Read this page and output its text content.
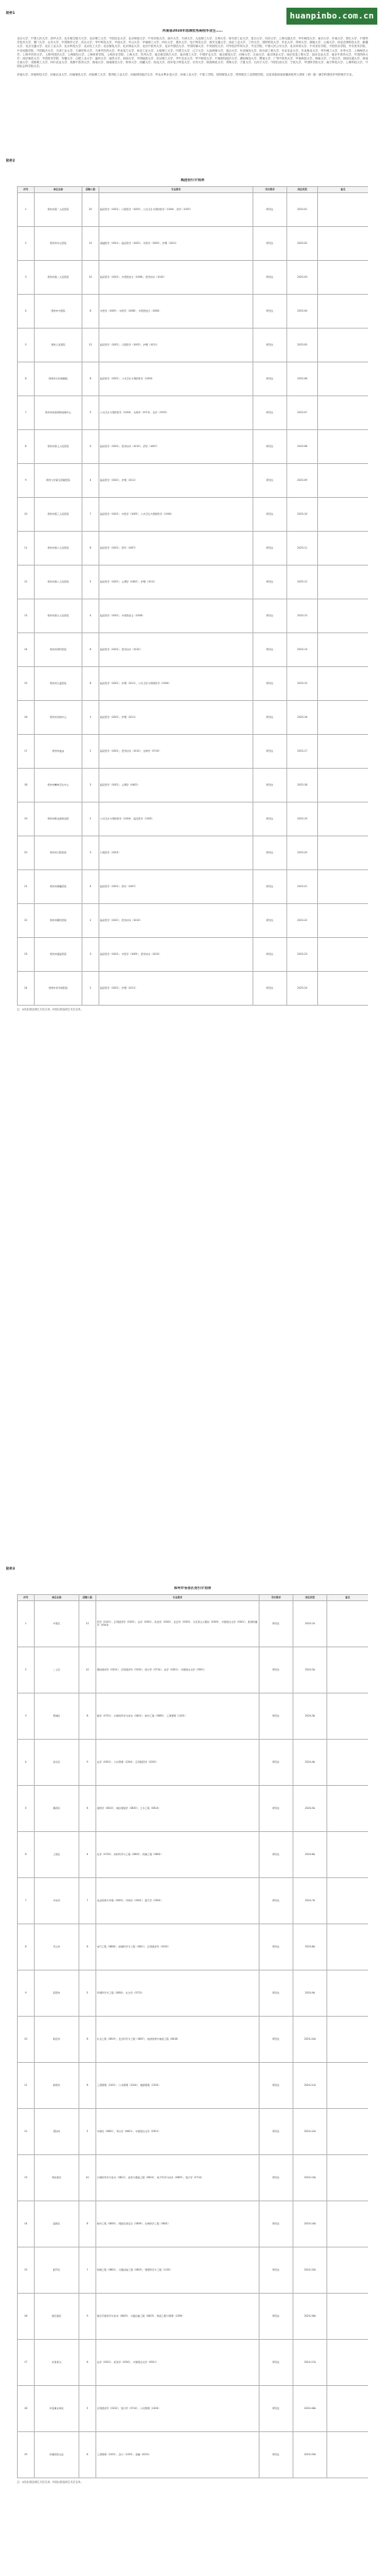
huanpinbo.com.cn
附件1
河南省2024年选调优秀高校毕业生……
北京大学、中国人民大学、清华大学、北京航空航天大学、北京理工大学、中国农业大学、北京师范大学、中央民族大学、南开大学、天津大学、大连理工大学、吉林大学、哈尔滨工业大学、复旦大学、同济大学、上海交通大学、华东师范大学、南京大学、东南大学、浙江大学、中国科学技术大学、厦门大学、山东大学、中国海洋大学、武汉大学、华中科技大学、中南大学、中山大学、华南理工大学、四川大学、重庆大学、电子科技大学、西安交通大学、西北工业大学、兰州大学、国防科技大学、东北大学、郑州大学、湖南大学、云南大学、西北农林科技大学、新疆大学、北京交通大学、北京工业大学、北京科技大学、北京化工大学、北京邮电大学、北京林业大学、北京中医药大学、北京外国语大学、中国传媒大学、中央财经大学、对外经济贸易大学、外交学院、中国人民公安大学、北京体育大学、中央音乐学院、中国音乐学院、中央美术学院、中央戏剧学院、中国政法大学、天津工业大学、天津医科大学、天津中医药大学、华北电力大学、河北工业大学、太原理工大学、内蒙古大学、辽宁大学、大连海事大学、延边大学、东北师范大学、哈尔滨工程大学、东北农业大学、东北林业大学、华东理工大学、东华大学、上海海洋大学、上海中医药大学、上海外国语大学、上海财经大学、上海体育学院、上海音乐学院、上海大学、苏州大学、南京航空航天大学、南京理工大学、中国矿业大学、南京邮电大学、河海大学、江南大学、南京林业大学、南京信息工程大学、南京农业大学、南京中医药大学、中国药科大学、南京师范大学、中国美术学院、安徽大学、合肥工业大学、福州大学、南昌大学、河南大学、中国地质大学、武汉理工大学、华中农业大学、华中师范大学、中南财经政法大学、湖南师范大学、暨南大学、广州中医药大学、华南师范大学、海南大学、广西大学、西南交通大学、西南石油大学、成都理工大学、四川农业大学、成都中医药大学、西南大学、西南财经大学、贵州大学、西藏大学、西北大学、西安电子科技大学、长安大学、陕西师范大学、青海大学、宁夏大学、石河子大学、中国石油大学、宁波大学、中国科学院大学、南方科技大学、上海科技大学、中国社会科学院大学。
河南大学、河南科技大学、河南农业大学、河南师范大学、河南理工大学、郑州轻工业大学、河南财经政法大学、华北水利水电大学、河南工业大学、中原工学院、信阳师范大学、郑州航空工业管理学院，以及其他河南省属高校列入国家（省）级一流学科建设序列的相关专业。
附件2
集团招引计划表
序号	单位名称	招聘人数	专业要求	学历要求	岗位类型	备注
1	郑州市第一人民医院	20	临床医学（1002）、口腔医学（1003）、公共卫生与预防医学（1004）、药学（1007）	研究生	2023-01	
2	郑州市中心医院	15	基础医学（1001）、临床医学（1002）、中医学（1005）、护理（1011）	研究生	2023-02	
3	郑州市第二人民医院	10	临床医学（1002）、中西医结合（1006）、医学技术（1010）	研究生	2023-03	
4	郑州市中医院	8	中医学（1005）、中药学（1008）、中西医结合（1006）	研究生	2023-04	
5	郑州人民医院	12	临床医学（1002）、口腔医学（1003）、护理（1011）	研究生	2023-05	
6	郑州市妇幼保健院	6	临床医学（1002）、公共卫生与预防医学（1004）	研究生	2023-06	
7	郑州市疾病预防控制中心	5	公共卫生与预防医学（1004）、生物学（0710）、化学（0703）	研究生	2023-07	
8	郑州市第七人民医院	9	临床医学（1002）、医学技术（1010）、药学（1007）	研究生	2023-08	
9	郑州大学第五附属医院	4	临床医学（1002）、护理（1011）	研究生	2023-09	
10	郑州市第三人民医院	7	临床医学（1002）、中医学（1005）、公共卫生与预防医学（1004）	研究生	2023-10	
11	郑州市第六人民医院	6	临床医学（1002）、药学（1007）	研究生	2023-11	
12	郑州市第八人民医院	5	临床医学（1002）、心理学（0402）、护理（1011）	研究生	2023-12	
13	郑州市第九人民医院	4	临床医学（1002）、中西医结合（1006）	研究生	2023-13	
14	郑州市骨科医院	6	临床医学（1002）、医学技术（1010）	研究生	2023-14	
15	郑州市儿童医院	8	临床医学（1002）、护理（1011）、公共卫生与预防医学（1004）	研究生	2023-15	
16	郑州市急救中心	3	临床医学（1002）、护理（1011）	研究生	2023-16	
17	郑州市血站	2	临床医学（1002）、医学技术（1010）、生物学（0710）	研究生	2023-17	
18	郑州市精神卫生中心	3	临床医学（1002）、心理学（0402）	研究生	2023-18	
19	郑州市职业病防治院	2	公共卫生与预防医学（1004）、临床医学（1002）	研究生	2023-19	
20	郑州市口腔医院	3	口腔医学（1003）	研究生	2023-20	
21	郑州市肿瘤医院	4	临床医学（1002）、药学（1007）	研究生	2023-21	
22	郑州市眼科医院	2	临床医学（1002）、医学技术（1010）	研究生	2023-22	
23	郑州市康复医院	3	临床医学（1002）、中医学（1005）、医学技术（1010）	研究生	2023-23	
24	郑州市老年病医院	2	临床医学（1002）、护理（1011）	研究生	2023-24	
注：A类标准选调生对应名单，B类标准选调生对应名单。
附件3
郑州市各县区招引计划表
序号	单位名称	招聘人数	专业要求	学历要求	岗位类型	备注
1	中原区	12	哲学（0101）、应用经济学（0202）、法学（0301）、政治学（0302）、社会学（0303）、马克思主义理论（0305）、中国语言文学（0501）、新闻传播学（0503）	研究生	2024-1A	
2	二七区	10	理论经济学（0201）、应用经济学（0202）、统计学（0714）、法学（0301）、中国语言文学（0501）	研究生	2024-2A	
3	管城区	8	数学（0701）、计算机科学与技术（0812）、软件工程（0835）、工商管理（1202）	研究生	2024-3A	
4	金水区	9	法学（0301）、公共管理（1204）、应用经济学（0202）	研究生	2024-4A	
5	惠济区	6	建筑学（0813）、城乡规划学（0833）、土木工程（0814）	研究生	2024-5A	
6	上街区	4	化学（0703）、材料科学与工程（0805）、机械工程（0802）	研究生	2024-6A	
7	中牟县	7	农业资源与环境（0903）、作物学（0901）、园艺学（0902）	研究生	2024-7A	
8	巩义市	6	电气工程（0808）、控制科学与工程（0811）、应用经济学（0202）	研究生	2024-8A	
9	荥阳市	5	环境科学与工程（0830）、生态学（0713）	研究生	2024-9A	
10	新密市	6	矿业工程（0819）、安全科学与工程（0837）、地质资源与地质工程（0818）	研究生	2024-10A	
11	新郑市	8	工商管理（1202）、公共管理（1204）、旅游管理（1254）	研究生	2024-11A	
12	登封市	5	中国史（0602）、考古学（0601）、中国语言文学（0501）	研究生	2024-12A	
13	郑东新区	10	计算机科学与技术（0812）、信息与通信工程（0810）、电子科学与技术（0809）、统计学（0714）	研究生	2024-13A	
14	高新区	8	软件工程（0835）、网络空间安全（0839）、生物医学工程（0831）	研究生	2024-14A	
15	经开区	7	机械工程（0802）、交通运输工程（0823）、管理科学与工程（1201）	研究生	2024-15A	
16	航空港区	9	航空宇航科学与技术（0825）、交通运输工程（0823）、物流工程与管理（1256）	研究生	2024-16A	
17	市直机关	6	法学（0301）、政治学（0302）、中国语言文学（0501）	研究生	2024-17A	
18	市直事业单位	5	应用经济学（0202）、统计学（0714）、公共管理（1204）	研究生	2024-18A	
19	市属国有企业	6	工商管理（1202）、会计（1253）、金融（0251）	研究生	2024-19A	
注：A类标准选调生对应名单，B类标准选调生对应名单。
